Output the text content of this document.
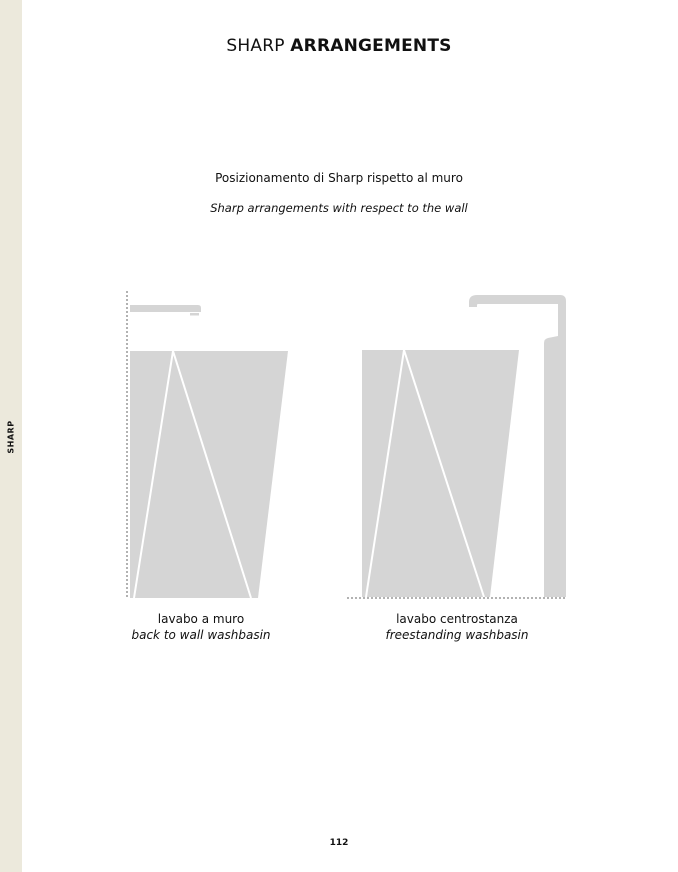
SHARP
SHARP ARRANGEMENTS
Posizionamento di Sharp rispetto al muro
Sharp arrangements with respect to the wall
lavabo a muro
back to wall washbasin
lavabo centrostanza
freestanding washbasin
112
